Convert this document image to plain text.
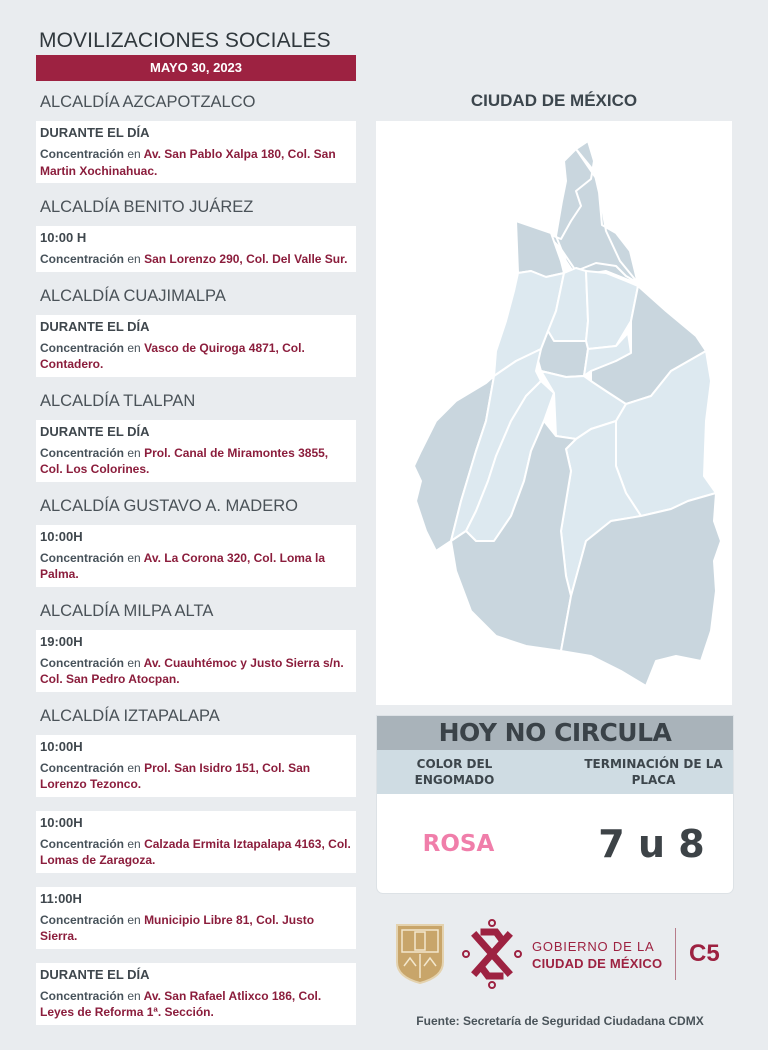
MOVILIZACIONES SOCIALES
MAYO 30, 2023
ALCALDÍA AZCAPOTZALCO
DURANTE EL DÍA
Concentración en Av. San Pablo Xalpa 180, Col. San Martin Xochinahuac.
ALCALDÍA BENITO JUÁREZ
10:00 H
Concentración en San Lorenzo 290, Col. Del Valle Sur.
ALCALDÍA CUAJIMALPA
DURANTE EL DÍA
Concentración en Vasco de Quiroga 4871, Col. Contadero.
ALCALDÍA TLALPAN
DURANTE EL DÍA
Concentración en Prol. Canal de Miramontes 3855, Col. Los Colorines.
ALCALDÍA GUSTAVO A. MADERO
10:00H
Concentración en Av. La Corona 320, Col. Loma la Palma.
ALCALDÍA MILPA ALTA
19:00H
Concentración en Av. Cuauhtémoc y Justo Sierra s/n. Col. San Pedro Atocpan.
ALCALDÍA IZTAPALAPA
10:00H
Concentración en Prol. San Isidro 151, Col. San Lorenzo Tezonco.
10:00H
Concentración en Calzada Ermita Iztapalapa 4163, Col. Lomas de Zaragoza.
11:00H
Concentración en Municipio Libre 81, Col. Justo Sierra.
DURANTE EL DÍA
Concentración en Av. San Rafael Atlixco 186, Col. Leyes de Reforma 1ª. Sección.
CIUDAD DE MÉXICO
HOY NO CIRCULA
COLOR DEL ENGOMADO
TERMINACIÓN DE LA PLACA
ROSA	7 u 8
GOBIERNO DE LA
CIUDAD DE MÉXICO C5
Fuente: Secretaría de Seguridad Ciudadana CDMX
